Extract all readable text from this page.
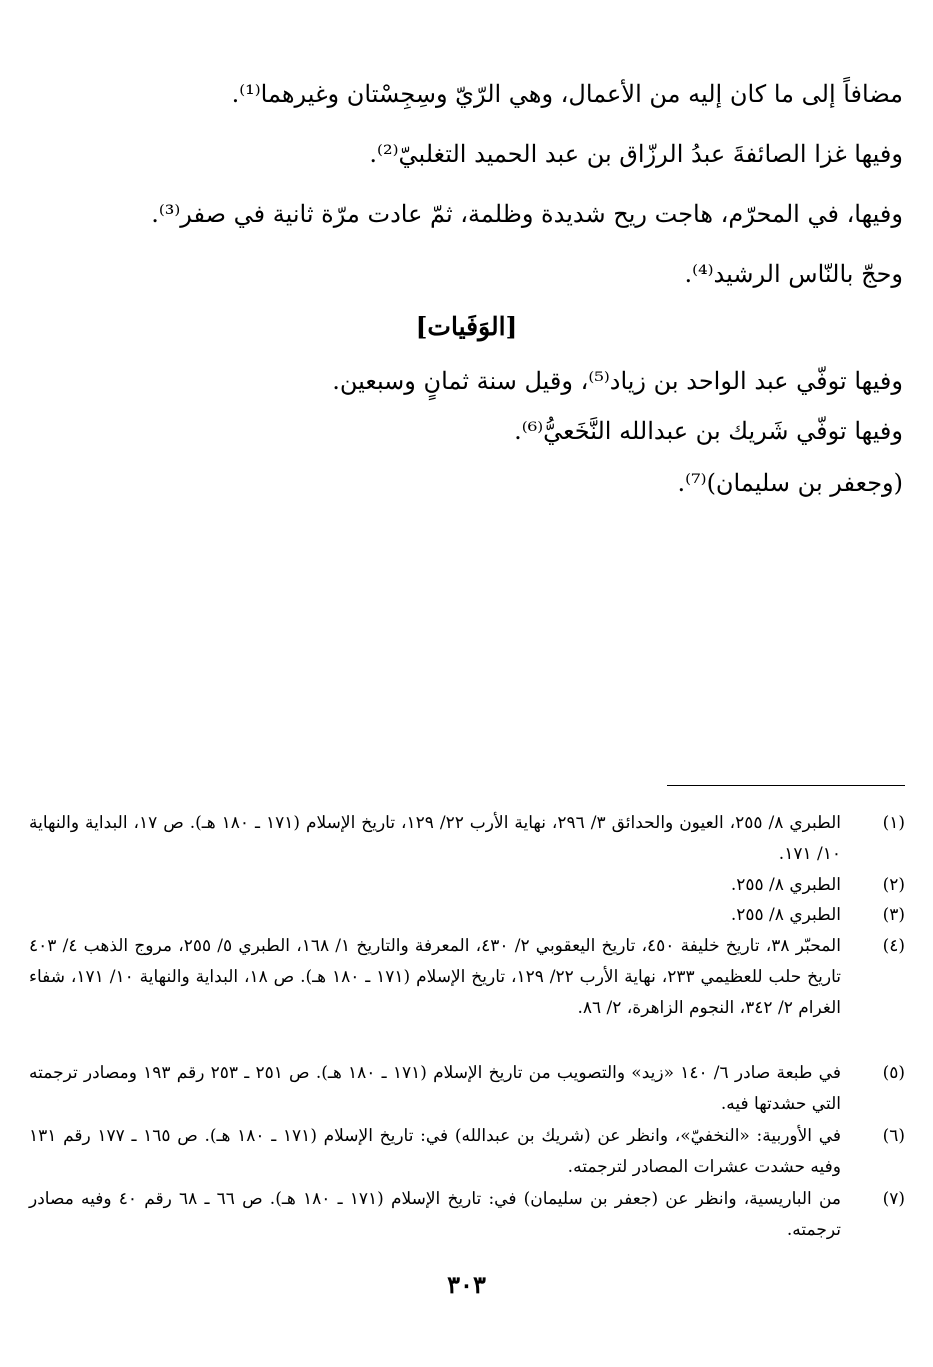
مضافاً إلى ما كان إليه من الأعمال، وهي الرّيّ وسِجِسْتان وغيرهما⁽¹⁾.
وفيها غزا الصائفةَ عبدُ الرزّاق بن عبد الحميد التغلبيّ⁽²⁾.
وفيها، في المحرّم، هاجت ريح شديدة وظلمة، ثمّ عادت مرّة ثانية في صفر⁽³⁾.
وحجّ بالنّاس الرشيد⁽⁴⁾.
[الوَفَيات]
وفيها توفّي عبد الواحد بن زياد⁽⁵⁾، وقيل سنة ثمانٍ وسبعين.
وفيها توفّي شَريك بن عبدالله النَّخَعيُّ⁽⁶⁾.
(وجعفر بن سليمان)⁽⁷⁾.
(١)
الطبري ٨/ ٢٥٥، العيون والحدائق ٣/ ٢٩٦، نهاية الأرب ٢٢/ ١٢٩، تاريخ الإسلام (١٧١ ـ ١٨٠ هـ). ص ١٧، البداية والنهاية ١٠/ ١٧١.
(٢)
الطبري ٨/ ٢٥٥.
(٣)
الطبري ٨/ ٢٥٥.
(٤)
المحبّر ٣٨، تاريخ خليفة ٤٥٠، تاريخ اليعقوبي ٢/ ٤٣٠، المعرفة والتاريخ ١/ ١٦٨، الطبري ٥/ ٢٥٥، مروج الذهب ٤/ ٤٠٣ تاريخ حلب للعظيمي ٢٣٣، نهاية الأرب ٢٢/ ١٢٩، تاريخ الإسلام (١٧١ ـ ١٨٠ هـ). ص ١٨، البداية والنهاية ١٠/ ١٧١، شفاء الغرام ٢/ ٣٤٢، النجوم الزاهرة، ٢/ ٨٦.
(٥)
في طبعة صادر ٦/ ١٤٠ «زيد» والتصويب من تاريخ الإسلام (١٧١ ـ ١٨٠ هـ). ص ٢٥١ ـ ٢٥٣ رقم ١٩٣ ومصادر ترجمته التي حشدتها فيه.
(٦)
في الأوربية: «النخفيّ»، وانظر عن (شريك بن عبدالله) في: تاريخ الإسلام (١٧١ ـ ١٨٠ هـ). ص ١٦٥ ـ ١٧٧ رقم ١٣١ وفيه حشدت عشرات المصادر لترجمته.
(٧)
من الباريسية، وانظر عن (جعفر بن سليمان) في: تاريخ الإسلام (١٧١ ـ ١٨٠ هـ). ص ٦٦ ـ ٦٨ رقم ٤٠ وفيه مصادر ترجمته.
٣٠٣
